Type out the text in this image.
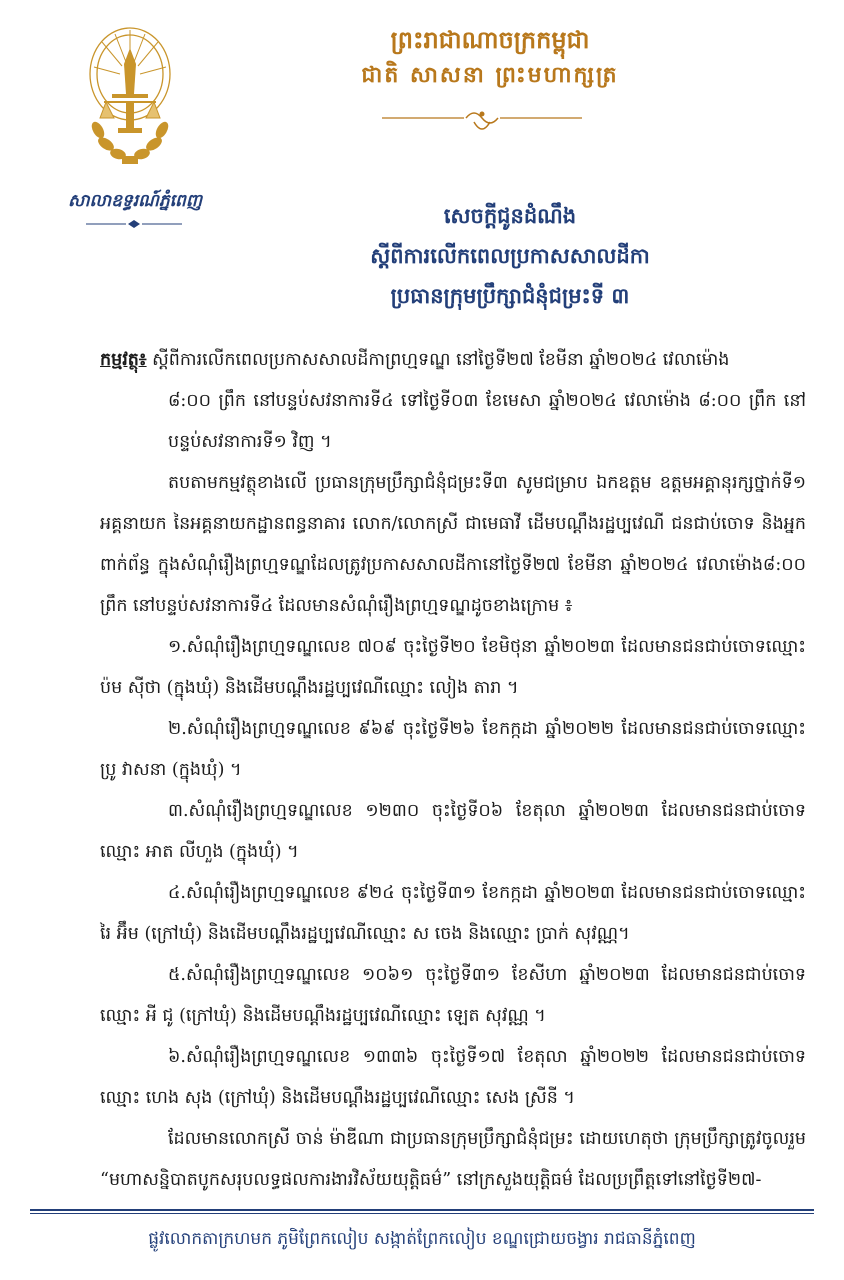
សាលាឧទ្ធរណ៍ភ្នំពេញ
ព្រះរាជាណាចក្រកម្ពុជា
ជាតិ សាសនា ព្រះមហាក្សត្រ
សេចក្ដីជូនដំណឹង
ស្ដីពីការលើកពេលប្រកាសសាលដីកា
ប្រធានក្រុមប្រឹក្សាជំនុំជម្រះទី ៣

កម្មវត្ថុ៖ ស្ដីពីការលើកពេលប្រកាសសាលដីកាព្រហ្មទណ្ឌ នៅថ្ងៃទី២៧ ខែមីនា ឆ្នាំ២០២៤ វេលាម៉ោង

៨:០០ ព្រឹក នៅបន្ទប់សវនាការទី៤ ទៅថ្ងៃទី០៣ ខែមេសា ឆ្នាំ២០២៤ វេលាម៉ោង ៨:០០ ព្រឹក នៅបន្ទប់សវនាការទី១ វិញ ។

តបតាមកម្មវត្ថុខាងលើ ប្រធានក្រុមប្រឹក្សាជំនុំជម្រះទី៣ សូមជម្រាប ឯកឧត្តម ឧត្តមអគ្គានុរក្សថ្នាក់ទី១ អគ្គនាយក នៃអគ្គនាយកដ្ឋានពន្ធនាគារ លោក/លោកស្រី ជាមេធាវី ដើមបណ្ដឹងរដ្ឋប្បវេណី ជនជាប់ចោទ និងអ្នកពាក់ព័ន្ធ ក្នុងសំណុំរឿងព្រហ្មទណ្ឌដែលត្រូវប្រកាសសាលដីកានៅថ្ងៃទី២៧ ខែមីនា ឆ្នាំ២០២៤ វេលាម៉ោង៨:០០ ព្រឹក នៅបន្ទប់សវនាការទី៤ ដែលមានសំណុំរឿងព្រហ្មទណ្ឌដូចខាងក្រោម ៖

១.សំណុំរឿងព្រហ្មទណ្ឌលេខ ៧០៩ ចុះថ្ងៃទី២០ ខែមិថុនា ឆ្នាំ២០២៣ ដែលមានជនជាប់ចោទឈ្មោះ ប៉ម ស៊ីថា (ក្នុងឃុំ) និងដើមបណ្ដឹងរដ្ឋប្បវេណីឈ្មោះ លៀង តារា ។

២.សំណុំរឿងព្រហ្មទណ្ឌលេខ ៩៦៩ ចុះថ្ងៃទី២៦ ខែកក្កដា ឆ្នាំ២០២២ ដែលមានជនជាប់ចោទឈ្មោះ ប្រូ វាសនា (ក្នុងឃុំ) ។

៣.សំណុំរឿងព្រហ្មទណ្ឌលេខ ១២៣០ ចុះថ្ងៃទី០៦ ខែតុលា ឆ្នាំ២០២៣ ដែលមានជនជាប់ចោទឈ្មោះ អាត លីហួង (ក្នុងឃុំ) ។

៤.សំណុំរឿងព្រហ្មទណ្ឌលេខ ៩២៤ ចុះថ្ងៃទី៣១ ខែកក្កដា ឆ្នាំ២០២៣ ដែលមានជនជាប់ចោទឈ្មោះ រៃ អ៊ឹម (ក្រៅឃុំ) និងដើមបណ្ដឹងរដ្ឋប្បវេណីឈ្មោះ ស ចេង និងឈ្មោះ ប្រាក់ សុវណ្ណ។

៥.សំណុំរឿងព្រហ្មទណ្ឌលេខ ១០៦១ ចុះថ្ងៃទី៣១ ខែសីហា ឆ្នាំ២០២៣ ដែលមានជនជាប់ចោទឈ្មោះ អី ជូ (ក្រៅឃុំ) និងដើមបណ្ដឹងរដ្ឋប្បវេណីឈ្មោះ ឡេត សុវណ្ណ ។

៦.សំណុំរឿងព្រហ្មទណ្ឌលេខ ១៣៣៦ ចុះថ្ងៃទី១៧ ខែតុលា ឆ្នាំ២០២២ ដែលមានជនជាប់ចោទឈ្មោះ ហេង សុង (ក្រៅឃុំ) និងដើមបណ្ដឹងរដ្ឋប្បវេណីឈ្មោះ សេង ស្រីនី ។

ដែលមានលោកស្រី ចាន់ ម៉ាឌីណា ជាប្រធានក្រុមប្រឹក្សាជំនុំជម្រះ ដោយហេតុថា ក្រុមប្រឹក្សាត្រូវចូលរួម “មហាសន្និបាតបូកសរុបលទ្ធផលការងារវិស័យយុត្តិធម៌” នៅក្រសួងយុត្តិធម៌ ដែលប្រព្រឹត្តទៅនៅថ្ងៃទី២៧-

ផ្លូវលោកតាក្រហមក ភូមិព្រែកលៀប សង្កាត់ព្រែកលៀប ខណ្ឌជ្រោយចង្វារ រាជធានីភ្នំពេញ
